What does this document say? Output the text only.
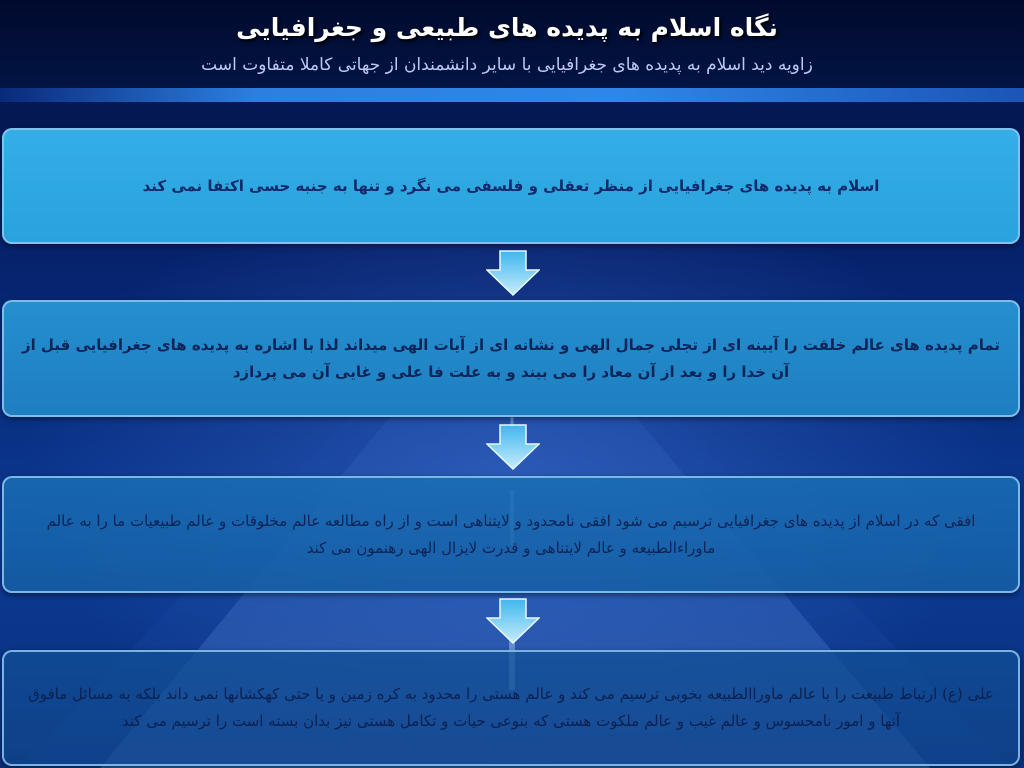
نگاه اسلام به پدیده های طبیعی و جغرافیایی
زاویه دید اسلام به پدیده های جغرافیایی با سایر دانشمندان از جهاتی کاملا متفاوت است
اسلام به پدیده های جغرافیایی از منظر تعقلی و فلسفی می نگرد و تنها به جنبه حسی اکتفا نمی کند
تمام پدیده های عالم خلقت را آیینه ای از تجلی جمال الهی و نشانه ای از آیات الهی میداند لذا با اشاره به پدیده های جغرافیایی قبل از آن خدا را و بعد از آن معاد را می بیند و به علت فا علی و غایی آن می پردازد
افقی که در اسلام از پدیده های جغرافیایی ترسیم می شود افقی نامحدود و لایتناهی است و از راه مطالعه عالم مخلوقات و عالم طبیعیات ما را به عالم ماوراءالطبیعه و عالم لایتناهی و قدرت لایزال الهی رهنمون می کند
علی (ع) ارتباط طبیعت را با عالم ماوراالطبیعه بخوبی ترسیم می کند و عالم هستی را محدود به کره زمین و یا حتی کهکشانها نمی داند بلکه به مسائل مافوق آنها و امور نامحسوس و عالم غیب و عالم ملکوت هستی که بنوعی حیات و تکامل هستی نیز بدان بسته است را ترسیم می کند
